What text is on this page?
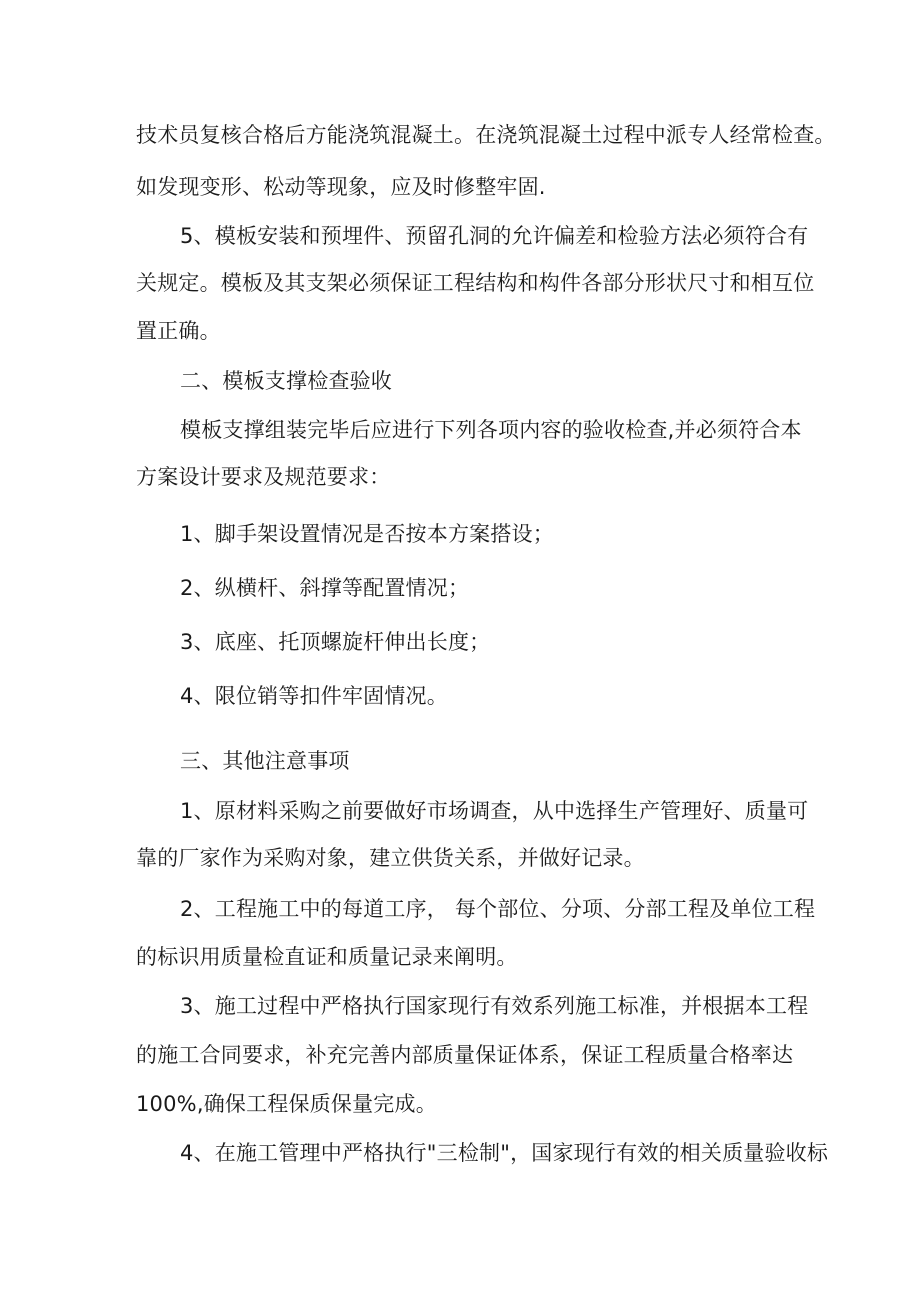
技术员复核合格后方能浇筑混凝土。在浇筑混凝土过程中派专人经常检查。
如发现变形、松动等现象，应及时修整牢固.
5、模板安装和预埋件、预留孔洞的允许偏差和检验方法必须符合有
关规定。模板及其支架必须保证工程结构和构件各部分形状尺寸和相互位
置正确。
二、模板支撑检查验收
模板支撑组装完毕后应进行下列各项内容的验收检查,并必须符合本
方案设计要求及规范要求：
1、脚手架设置情况是否按本方案搭设；
2、纵横杆、斜撑等配置情况；
3、底座、托顶螺旋杆伸出长度；
4、限位销等扣件牢固情况。
三、其他注意事项
1、原材料采购之前要做好市场调查，从中选择生产管理好、质量可
靠的厂家作为采购对象，建立供货关系，并做好记录。
2、工程施工中的每道工序， 每个部位、分项、分部工程及单位工程
的标识用质量检直证和质量记录来阐明。
3、施工过程中严格执行国家现行有效系列施工标准，并根据本工程
的施工合同要求，补充完善内部质量保证体系，保证工程质量合格率达
100%,确保工程保质保量完成。
4、在施工管理中严格执行"三检制"，国家现行有效的相关质量验收标
